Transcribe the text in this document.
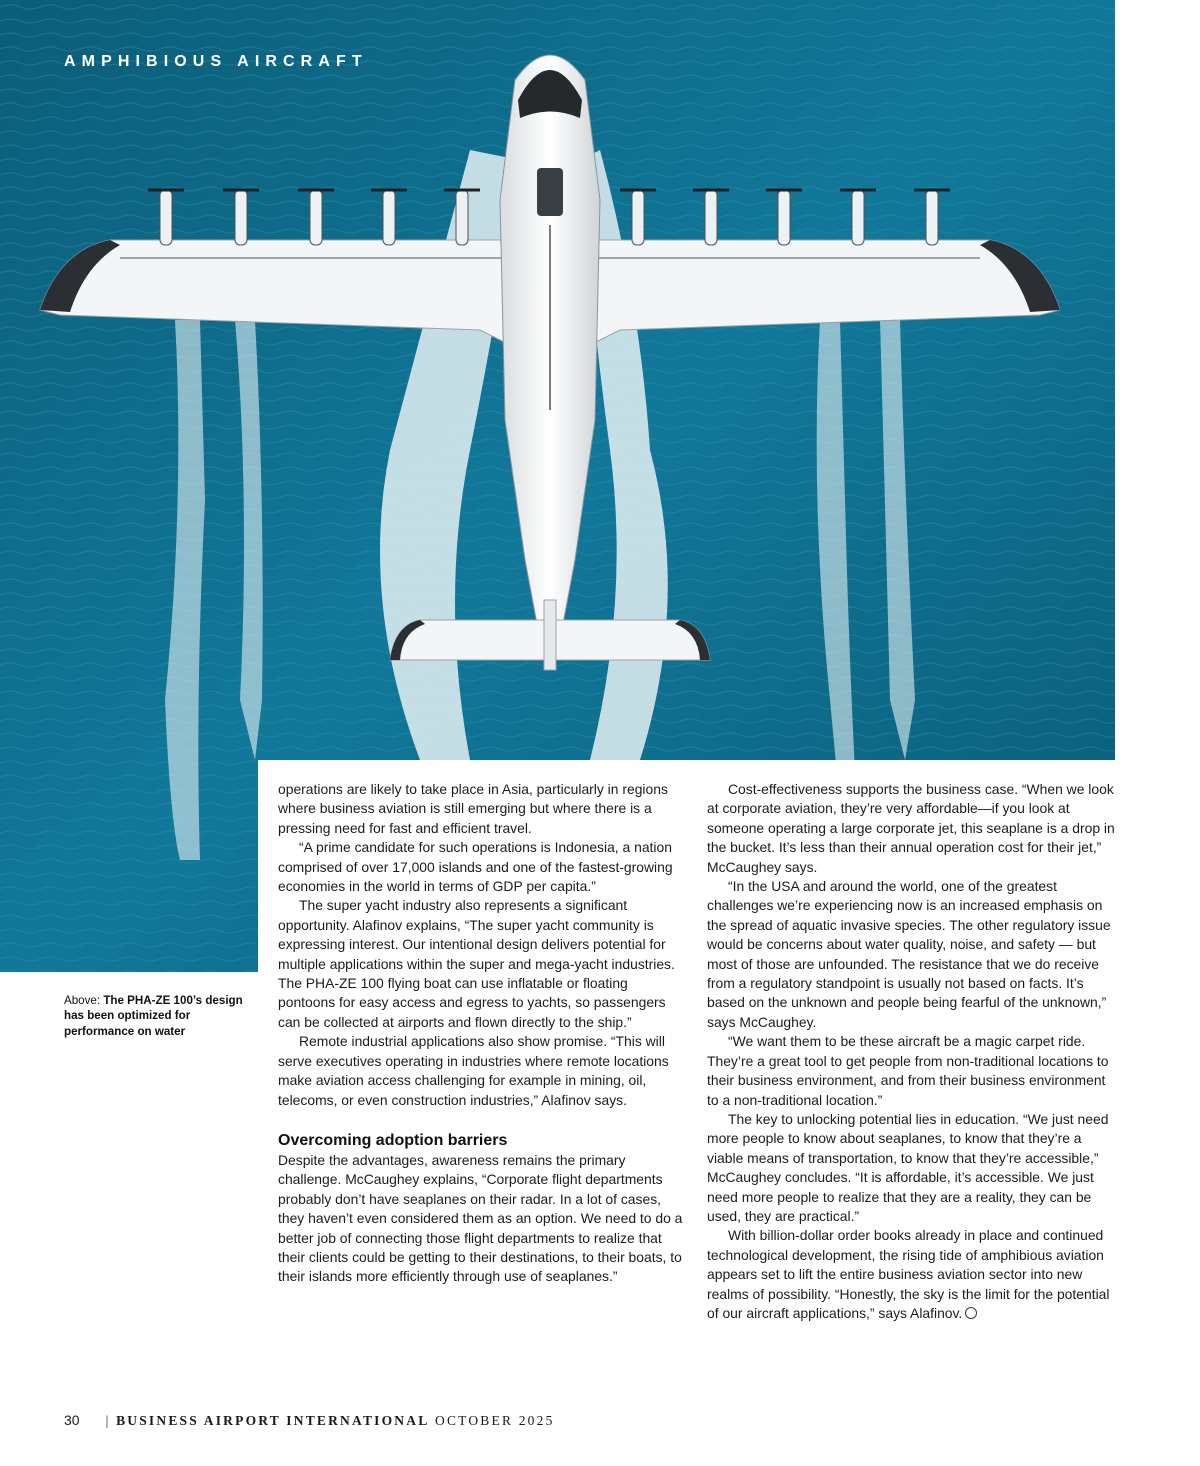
AMPHIBIOUS AIRCRAFT

operations are likely to take place in Asia, particularly in regions where business aviation is still emerging but where there is a pressing need for fast and efficient travel.

“A prime candidate for such operations is Indonesia, a nation comprised of over 17,000 islands and one of the fastest-growing economies in the world in terms of GDP per capita.”

The super yacht industry also represents a significant opportunity. Alafinov explains, “The super yacht community is expressing interest. Our intentional design delivers potential for multiple applications within the super and mega-yacht industries. The PHA-ZE 100 flying boat can use inflatable or floating pontoons for easy access and egress to yachts, so passengers can be collected at airports and flown directly to the ship.”

Remote industrial applications also show promise. “This will serve executives operating in industries where remote locations make aviation access challenging for example in mining, oil, telecoms, or even construction industries,” Alafinov says.

Overcoming adoption barriers

Despite the advantages, awareness remains the primary challenge. McCaughey explains, “Corporate flight departments probably don’t have seaplanes on their radar. In a lot of cases, they haven’t even considered them as an option. We need to do a better job of connecting those flight departments to realize that their clients could be getting to their destinations, to their boats, to their islands more efficiently through use of seaplanes.”

Cost-effectiveness supports the business case. “When we look at corporate aviation, they’re very affordable—if you look at someone operating a large corporate jet, this seaplane is a drop in the bucket. It’s less than their annual operation cost for their jet,” McCaughey says.

“In the USA and around the world, one of the greatest challenges we’re experiencing now is an increased emphasis on the spread of aquatic invasive species. The other regulatory issue would be concerns about water quality, noise, and safety — but most of those are unfounded. The resistance that we do receive from a regulatory standpoint is usually not based on facts. It’s based on the unknown and people being fearful of the unknown,” says McCaughey.

“We want them to be these aircraft be a magic carpet ride. They’re a great tool to get people from non-traditional locations to their business environment, and from their business environment to a non-traditional location.”

The key to unlocking potential lies in education. “We just need more people to know about seaplanes, to know that they’re a viable means of transportation, to know that they’re accessible,” McCaughey concludes. “It is affordable, it’s accessible. We just need more people to realize that they are a reality, they can be used, they are practical.”

With billion-dollar order books already in place and continued technological development, the rising tide of amphibious aviation appears set to lift the entire business aviation sector into new realms of possibility. “Honestly, the sky is the limit for the potential of our aircraft applications,” says Alafinov.

Above: The PHA-ZE 100’s design has been optimized for performance on water
30 | BUSINESS AIRPORT INTERNATIONAL OCTOBER 2025
